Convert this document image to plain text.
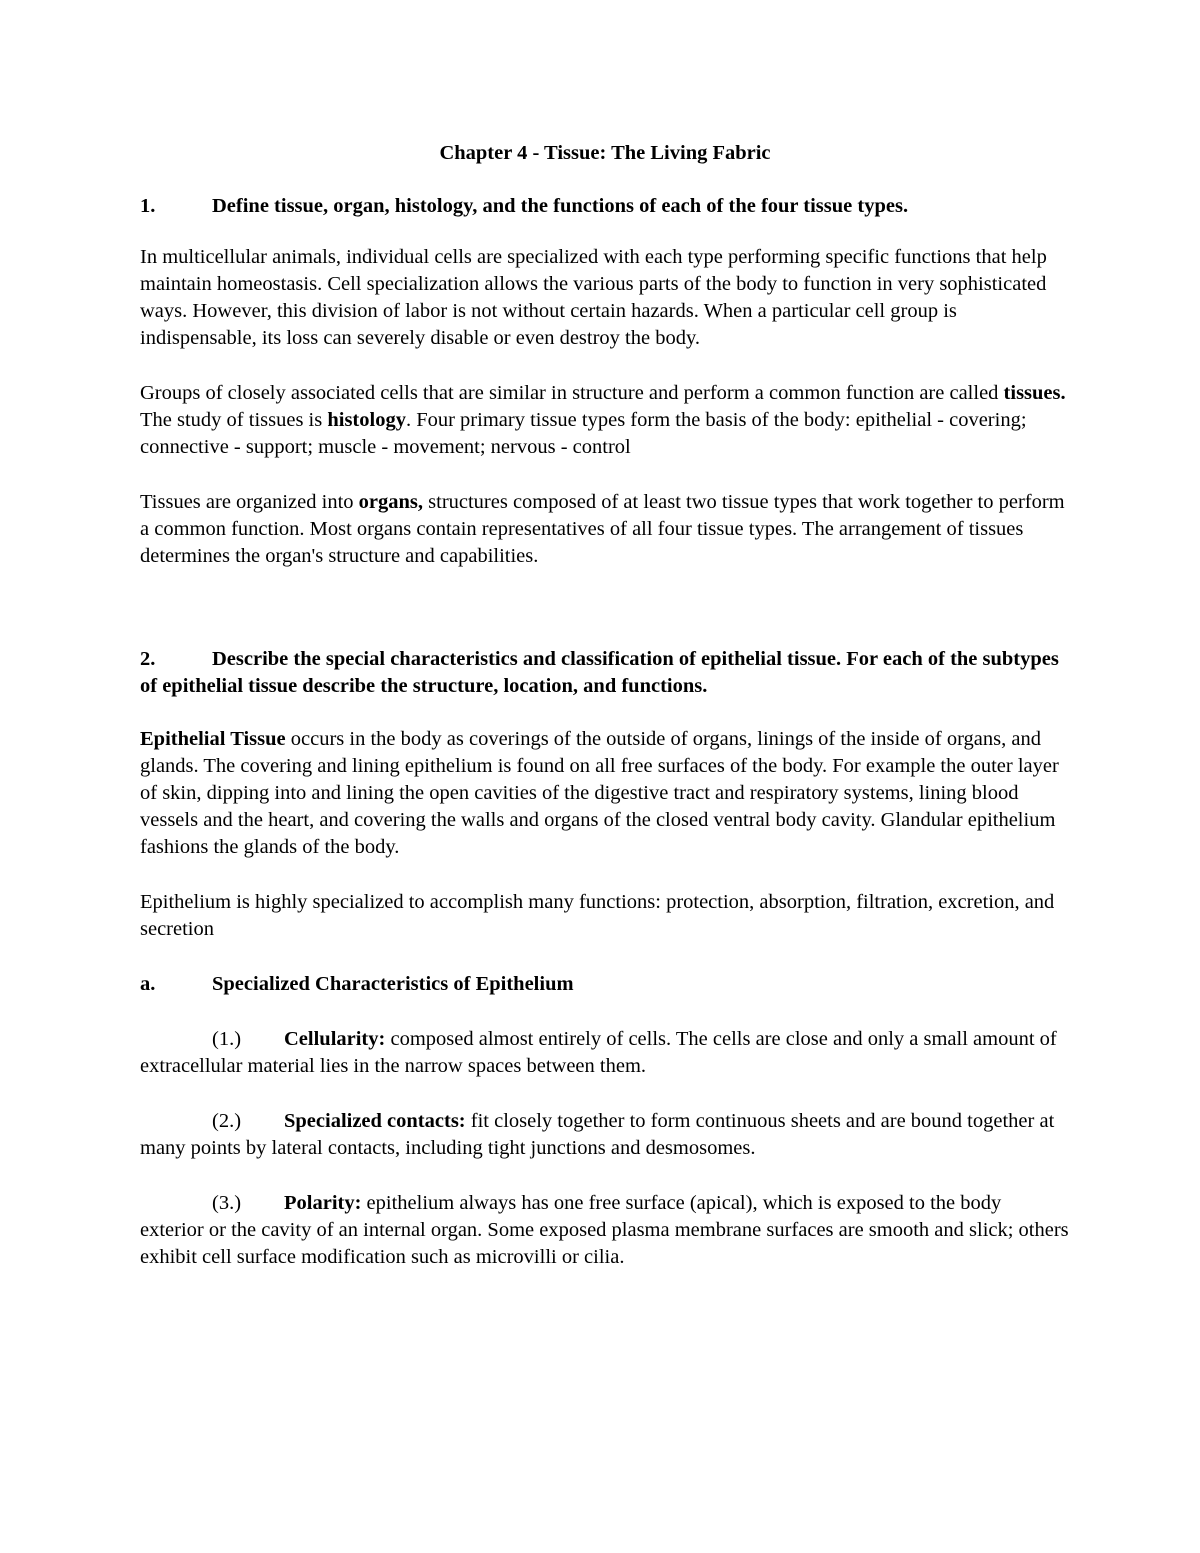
Chapter 4 - Tissue: The Living Fabric

1.	Define tissue, organ, histology, and the functions of each of the four tissue types.

In multicellular animals, individual cells are specialized with each type performing specific functions that help maintain homeostasis. Cell specialization allows the various parts of the body to function in very sophisticated ways. However, this division of labor is not without certain hazards. When a particular cell group is indispensable, its loss can severely disable or even destroy the body.

Groups of closely associated cells that are similar in structure and perform a common function are called tissues. The study of tissues is histology. Four primary tissue types form the basis of the body: epithelial - covering; connective - support; muscle - movement; nervous - control

Tissues are organized into organs, structures composed of at least two tissue types that work together to perform a common function. Most organs contain representatives of all four tissue types. The arrangement of tissues determines the organ's structure and capabilities.

2.	Describe the special characteristics and classification of epithelial tissue. For each of the subtypes of epithelial tissue describe the structure, location, and functions.

Epithelial Tissue occurs in the body as coverings of the outside of organs, linings of the inside of organs, and glands. The covering and lining epithelium is found on all free surfaces of the body. For example the outer layer of skin, dipping into and lining the open cavities of the digestive tract and respiratory systems, lining blood vessels and the heart, and covering the walls and organs of the closed ventral body cavity. Glandular epithelium fashions the glands of the body.

Epithelium is highly specialized to accomplish many functions: protection, absorption, filtration, excretion, and secretion

a.	Specialized Characteristics of Epithelium

(1.) Cellularity: composed almost entirely of cells. The cells are close and only a small amount of extracellular material lies in the narrow spaces between them.

(2.) Specialized contacts: fit closely together to form continuous sheets and are bound together at many points by lateral contacts, including tight junctions and desmosomes.

(3.) Polarity: epithelium always has one free surface (apical), which is exposed to the body exterior or the cavity of an internal organ. Some exposed plasma membrane surfaces are smooth and slick; others exhibit cell surface modification such as microvilli or cilia.
